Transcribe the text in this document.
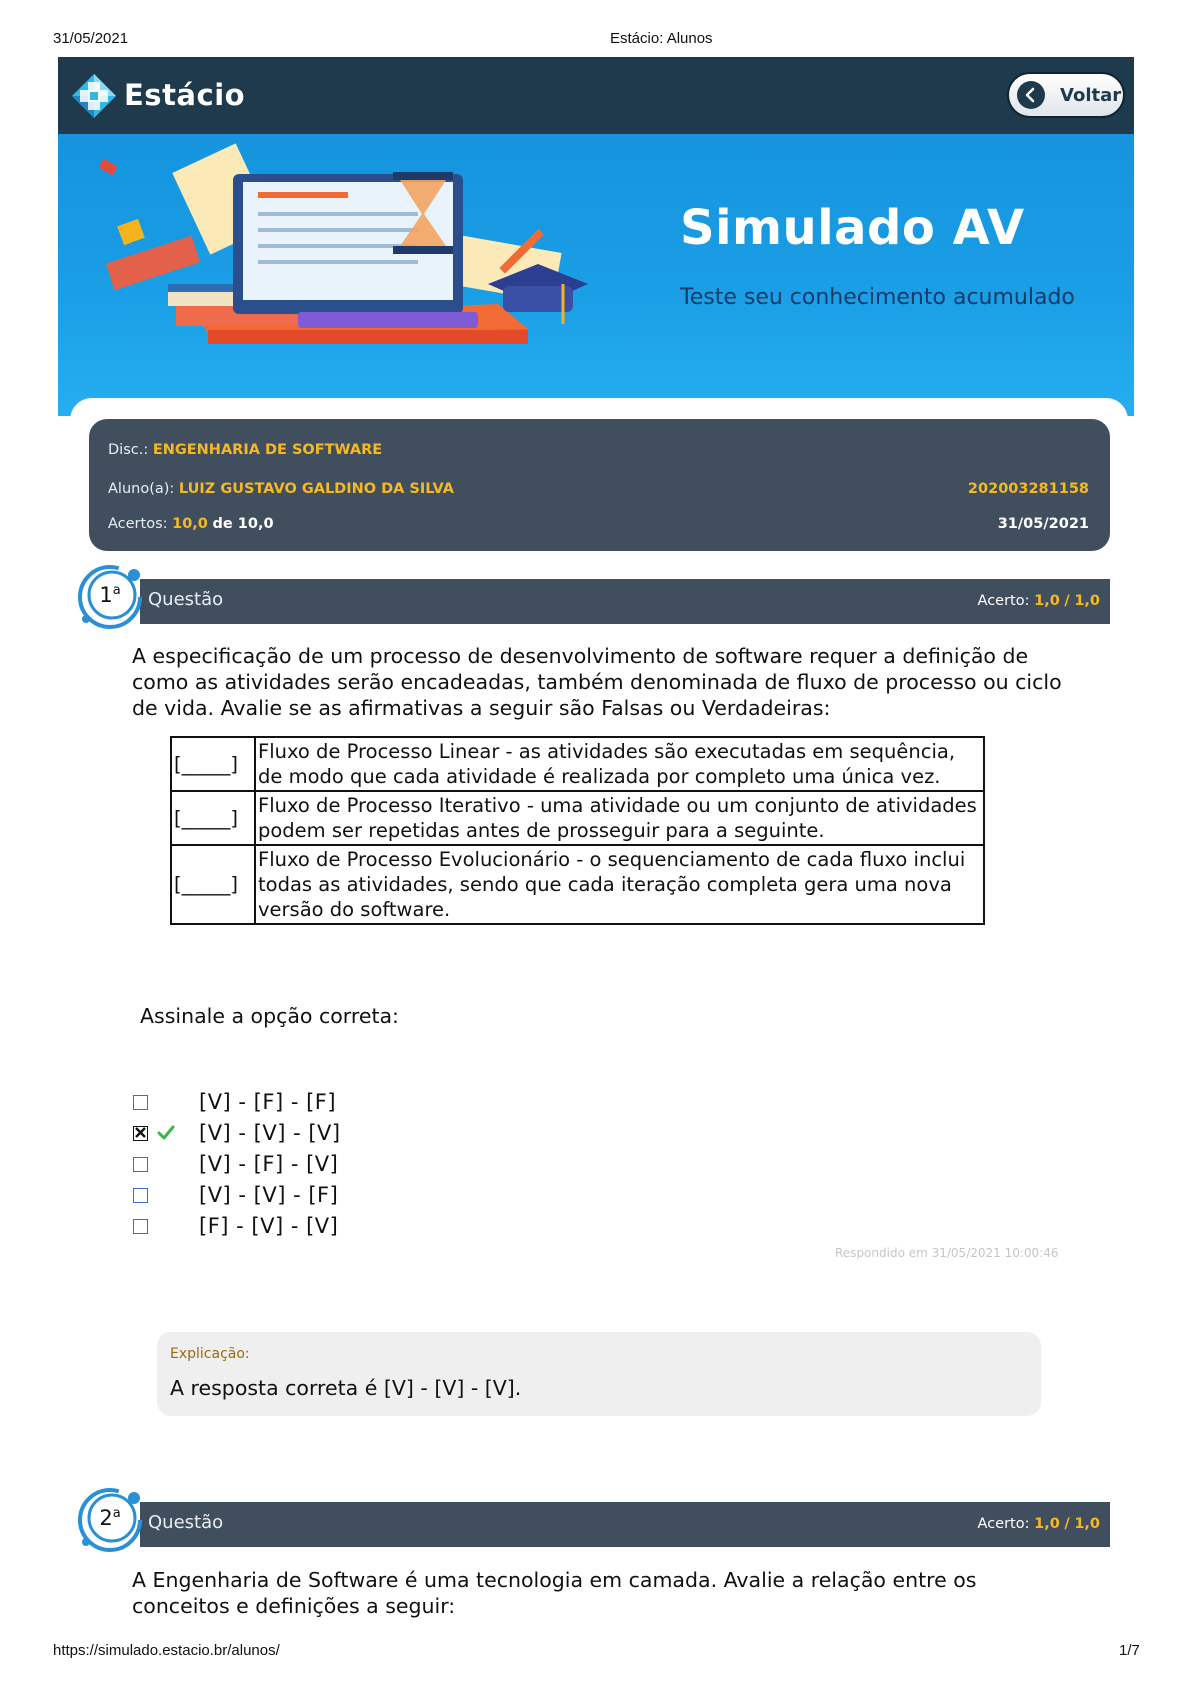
31/05/2021	Estácio: Alunos
Estácio	Voltar
Simulado AV
Teste seu conhecimento acumulado
Disc.: ENGENHARIA DE SOFTWARE
Aluno(a): LUIZ GUSTAVO GALDINO DA SILVA	202003281158
Acertos: 10,0 de 10,0	31/05/2021
Questão	Acerto: 1,0 / 1,0
1$^a$
A especificação de um processo de desenvolvimento de software requer a definição de como as atividades serão encadeadas, também denominada de fluxo de processo ou ciclo de vida. Avalie se as afirmativas a seguir são Falsas ou Verdadeiras:
[_____]	Fluxo de Processo Linear - as atividades são executadas em sequência, de modo que cada atividade é realizada por completo uma única vez.
[_____]	Fluxo de Processo Iterativo - uma atividade ou um conjunto de atividades podem ser repetidas antes de prosseguir para a seguinte.
[_____]	Fluxo de Processo Evolucionário - o sequenciamento de cada fluxo inclui todas as atividades, sendo que cada iteração completa gera uma nova versão do software.
Assinale a opção correta:
[V] - [F] - [F]
[V] - [V] - [V]
[V] - [F] - [V]
[V] - [V] - [F]
[F] - [V] - [V]
Respondido em 31/05/2021 10:00:46
Explicação:
A resposta correta é [V] - [V] - [V].
Questão	Acerto: 1,0 / 1,0
2$^a$
A Engenharia de Software é uma tecnologia em camada. Avalie a relação entre os conceitos e definições a seguir:
https://simulado.estacio.br/alunos/	1/7
